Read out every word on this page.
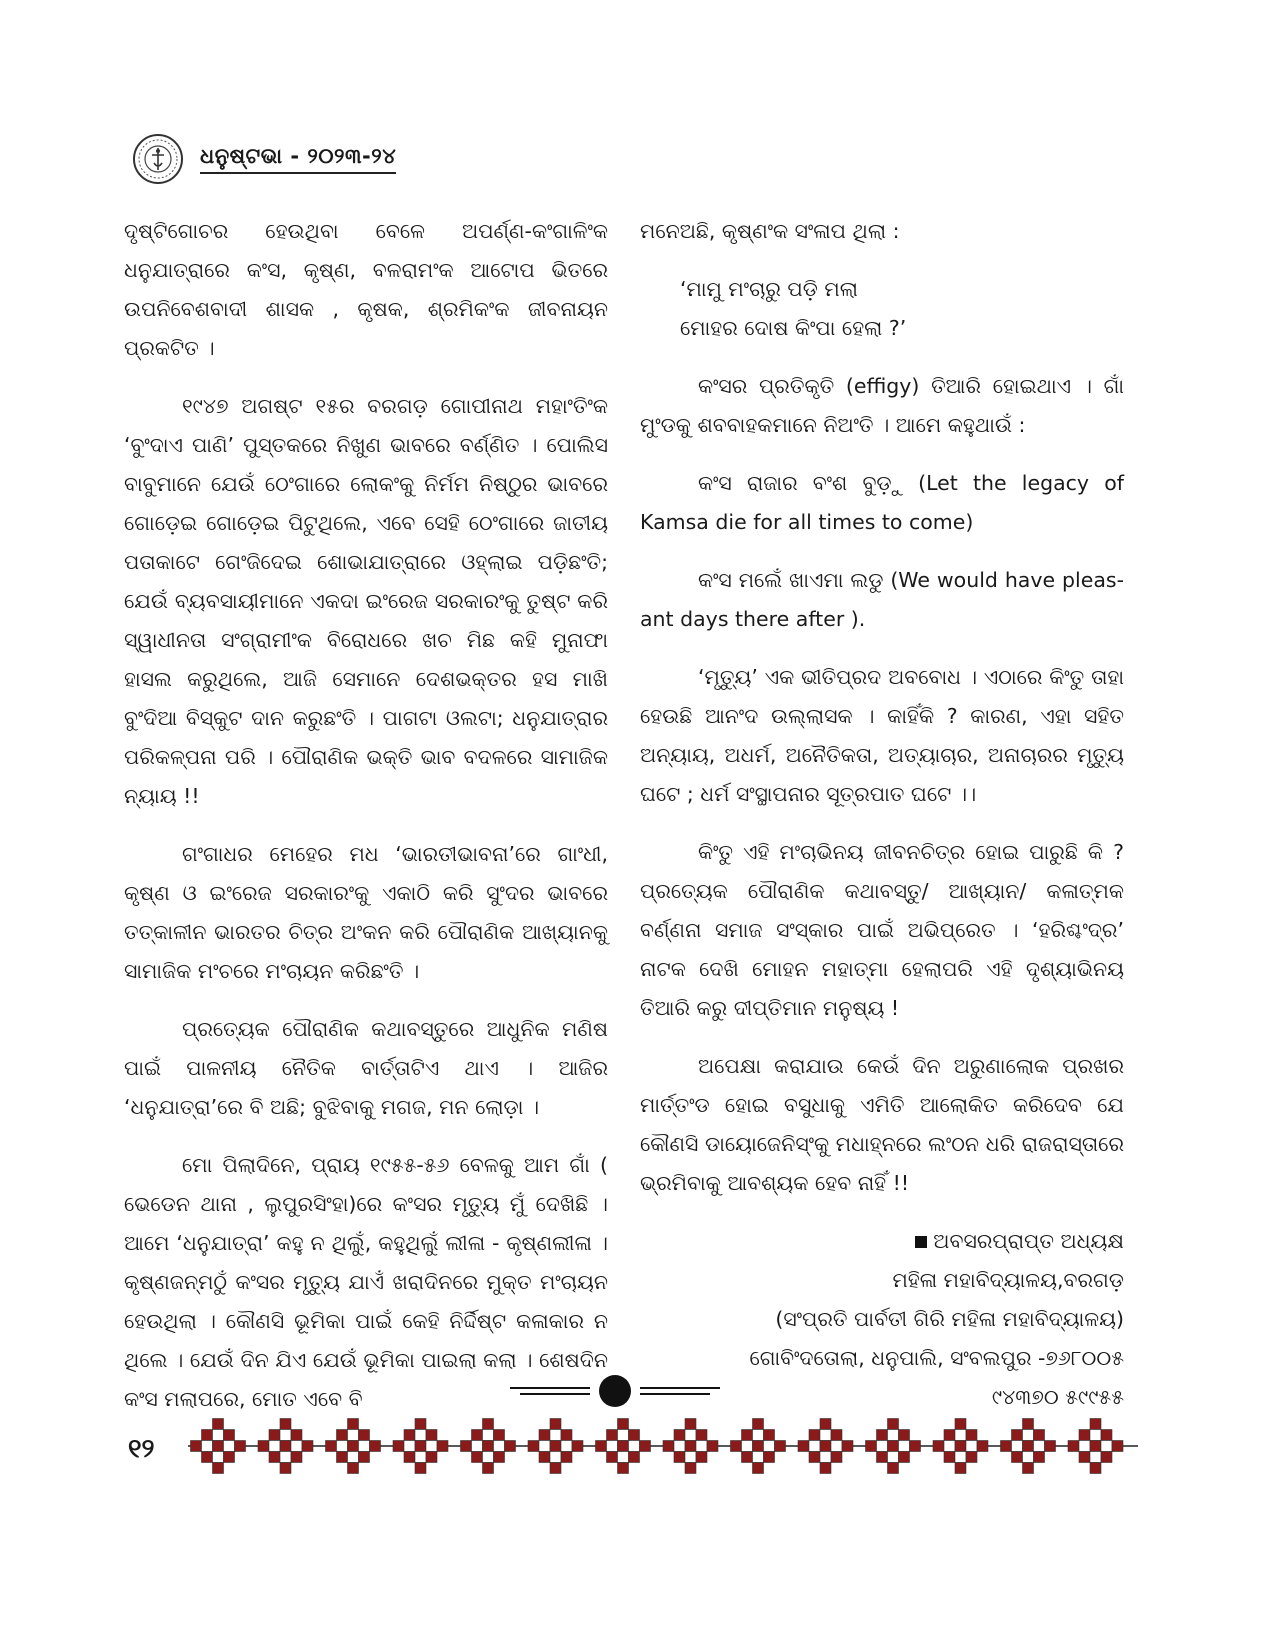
ଧନୁଷ୍ଟଭା - ୨୦୨୩-୨୪

ଦୃଷ୍ଟିଗୋଚର ହେଉଥିବା ବେଳେ ଅପର୍ଣ୍ଣ-କଂଗାଳିଂକ ଧନୁଯାତ୍ରାରେ କଂସ, କୃଷ୍ଣ, ବଳରାମଂକ ଆଟୋପ ଭିତରେ ଉପନିବେଶବାଦୀ ଶାସକ , କୃଷକ, ଶ୍ରମିକଂକ ଜୀବନାୟନ ପ୍ରକଟିତ ।

୧୯୪୭ ଅଗଷ୍ଟ ୧୫ର ବରଗଡ଼ ଗୋପୀନାଥ ମହାଂତିଂକ ‘ବୁଂଦାଏ ପାଣି’ ପୁସ୍ତକରେ ନିଖୁଣ ଭାବରେ ବର୍ଣ୍ଣିତ । ପୋଲିସ ବାବୁମାନେ ଯେଉଁ ଠେଂଗାରେ ଲୋକଂକୁ ନିର୍ମମ ନିଷ୍ଠୁର ଭାବରେ ଗୋଡ଼େଇ ଗୋଡ଼େଇ ପିଟୁଥିଲେ, ଏବେ ସେହି ଠେଂଗାରେ ଜାତୀୟ ପତାକାଟେ ଗେଂଜିଦେଇ ଶୋଭାଯାତ୍ରାରେ ଓହ୍ଲାଇ ପଡ଼ିଛଂତି; ଯେଉଁ ବ୍ୟବସାୟୀମାନେ ଏକଦା ଇଂରେଜ ସରକାରଂକୁ ତୁଷ୍ଟ କରି ସ୍ୱାଧୀନତା ସଂଗ୍ରାମୀଂକ ବିରୋଧରେ ଖଚ ମିଛ କହି ମୁନାଫା ହାସଲ କରୁଥିଲେ, ଆଜି ସେମାନେ ଦେଶଭକ୍ତର ହସ ମାଖି ବୁଂଦିଆ ବିସ୍କୁଟ ଦାନ କରୁଛଂତି । ପାଗଟା ଓଲଟା; ଧନୁଯାତ୍ରାର ପରିକଳ୍ପନା ପରି । ପୌରାଣିକ ଭକ୍ତି ଭାବ ବଦଳରେ ସାମାଜିକ ନ୍ୟାୟ !!

ଗଂଗାଧର ମେହେର ମଧ ‘ଭାରତୀଭାବନା’ରେ ଗାଂଧୀ, କୃଷ୍ଣ ଓ ଇଂରେଜ ସରକାରଂକୁ ଏକାଠି କରି ସୁଂଦର ଭାବରେ ତତ୍କାଳୀନ ଭାରତର ଚିତ୍ର ଅଂକନ କରି ପୌରାଣିକ ଆଖ୍ୟାନକୁ ସାମାଜିକ ମଂଚରେ ମଂଚାୟନ କରିଛଂତି ।

ପ୍ରତ୍ୟେକ ପୌରାଣିକ କଥାବସ୍ତୁରେ ଆଧୁନିକ ମଣିଷ ପାଇଁ ପାଳନୀୟ ନୈତିକ ବାର୍ତ୍ତାଟିଏ ଥାଏ । ଆଜିର ‘ଧନୁଯାତ୍ରା’ରେ ବି ଅଛି; ବୁଝିବାକୁ ମଗଜ, ମନ ଲୋଡ଼ା ।

ମୋ ପିଲାଦିନେ, ପ୍ରାୟ ୧୯୫୫-୫୬ ବେଳକୁ ଆମ ଗାଁ ( ଭେଡେନ ଥାନା , ଲୁପୁରସିଂହା)ରେ କଂସର ମୃତ୍ୟୁ ମୁଁ ଦେଖିଛି । ଆମେ ‘ଧନୁଯାତ୍ରା’ କହୁ ନ ଥିଲୁଁ, କହୁଥିଲୁଁ ଲୀଳା - କୃଷ୍ଣଲୀଳା । କୃଷ୍ଣଜନ୍ମଠୁଁ କଂସର ମୃତ୍ୟୁ ଯାଏଁ ଖରାଦିନରେ ମୁକ୍ତ ମଂଚାୟନ ହେଉଥିଲା । କୌଣସି ଭୂମିକା ପାଇଁ କେହି ନିର୍ଦ୍ଦିଷ୍ଟ କଳାକାର ନ ଥିଲେ । ଯେଉଁ ଦିନ ଯିଏ ଯେଉଁ ଭୂମିକା ପାଇଲା କଲା । ଶେଷଦିନ କଂସ ମଲାପରେ, ମୋତ ଏବେ ବି

ମନେଅଛି, କୃଷ୍ଣଂକ ସଂଳାପ ଥିଲା :

‘ମାମୁ ମଂଚାରୁ ପଡ଼ି ମଲା

ମୋହର ଦୋଷ କିଂପା ହେଲା ?’

କଂସର ପ୍ରତିକୃତି (effigy) ତିଆରି ହୋଇଥାଏ । ଗାଁ ମୁଂଡକୁ ଶବବାହକମାନେ ନିଅଂତି । ଆମେ କହୁଥାଉଁ :

କଂସ ରାଜାର ବଂଶ ବୁଡ଼ୁ (Let the legacy of Kamsa die for all times to come)

କଂସ ମଲେଁ ଖାଏମା ଲଡୁ (We would have pleas-ant days there after ).

‘ମୃତ୍ୟୁ’ ଏକ ଭୀତିପ୍ରଦ ଅବବୋଧ । ଏଠାରେ କିଂତୁ ତାହା ହେଉଛି ଆନଂଦ ଉଲ୍ଲାସକ । କାହିଁକି ? କାରଣ, ଏହା ସହିତ ଅନ୍ୟାୟ, ଅଧର୍ମ, ଅନୈତିକତା, ଅତ୍ୟାଚାର, ଅନାଚାରର ମୃତ୍ୟୁ ଘଟେ ; ଧର୍ମ ସଂସ୍ଥାପନାର ସୂତ୍ରପାତ ଘଟେ ।।

କିଂତୁ ଏହି ମଂଚାଭିନୟ ଜୀବନଚିତ୍ର ହୋଇ ପାରୁଛି କି ? ପ୍ରତ୍ୟେକ ପୌରାଣିକ କଥାବସ୍ତୁ/ ଆଖ୍ୟାନ/ କଳାତ୍ମକ ବର୍ଣ୍ଣନା ସମାଜ ସଂସ୍କାର ପାଇଁ ଅଭିପ୍ରେତ । ‘ହରିଶ୍ଚଂଦ୍ର’ ନାଟକ ଦେଖି ମୋହନ ମହାତ୍ମା ହେଲାପରି ଏହି ଦୃଶ୍ୟାଭିନୟ ତିଆରି କରୁ ଦୀପ୍ତିମାନ ମନୁଷ୍ୟ !

ଅପେକ୍ଷା କରାଯାଉ କେଉଁ ଦିନ ଅରୁଣାଲୋକ ପ୍ରଖର ମାର୍ତ୍ତଂଡ ହୋଇ ବସୁଧାକୁ ଏମିତି ଆଲୋକିତ କରିଦେବ ଯେ କୌଣସି ଡାୟୋଜେନିସ୍‌ଂକୁ ମଧାହ୍ନରେ ଲଂଠନ ଧରି ରାଜରାସ୍ତାରେ ଭ୍ରମିବାକୁ ଆବଶ୍ୟକ ହେବ ନାହିଁ !!

ଅବସରପ୍ରାପ୍ତ ଅଧ୍ୟକ୍ଷ
ମହିଳା ମହାବିଦ୍ୟାଳୟ,ବରଗଡ଼
(ସଂପ୍ରତି ପାର୍ବତୀ ଗିରି ମହିଳା ମହାବିଦ୍ୟାଳୟ)
ଗୋବିଂଦତୋଲା, ଧନୁପାଲି, ସଂବଲପୁର -୭୬୮୦୦୫
୯୪୩୭୦ ୫୯୯୫୫
୧୨
